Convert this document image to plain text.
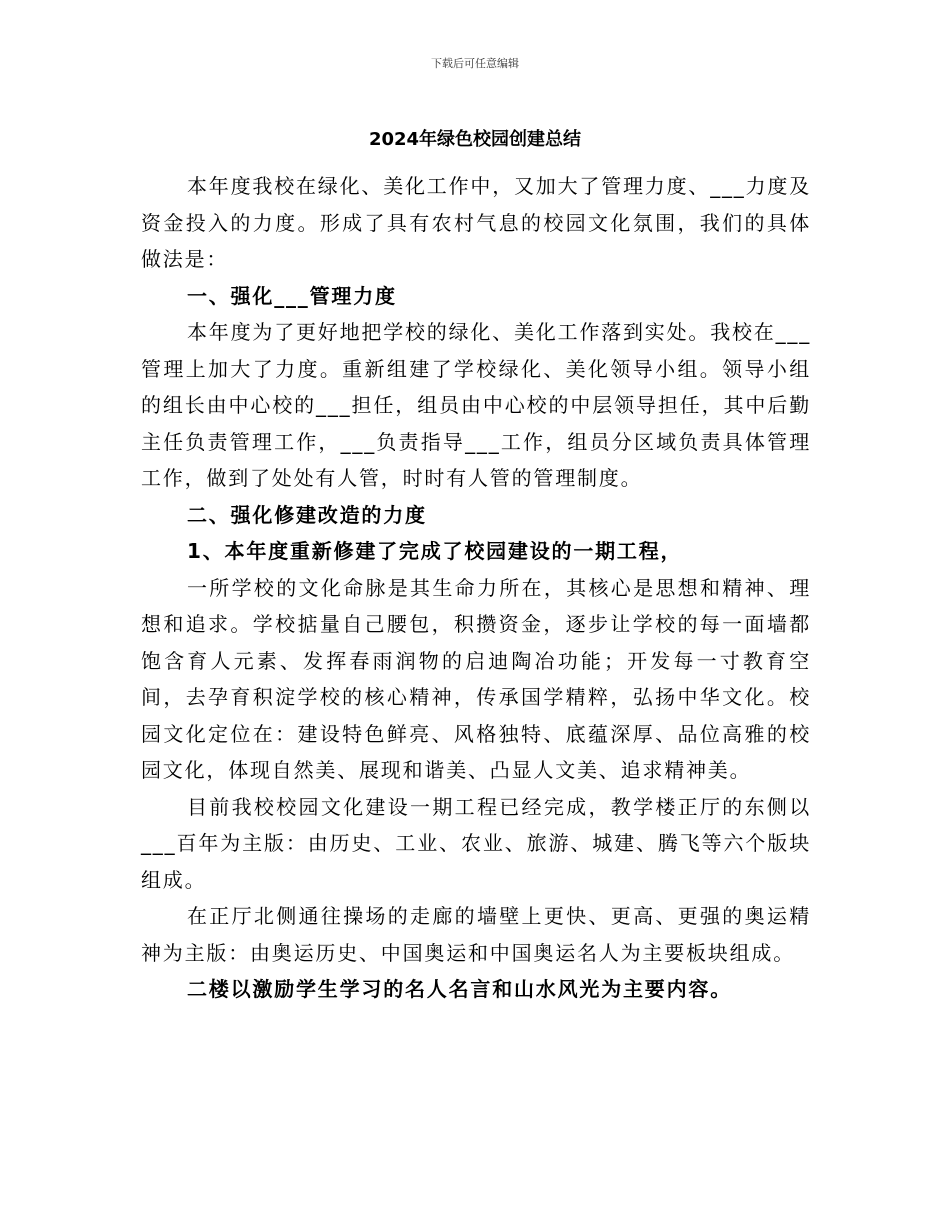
下载后可任意编辑
2024年绿色校园创建总结

本年度我校在绿化、美化工作中，又加大了管理力度、___力度及资金投入的力度。形成了具有农村气息的校园文化氛围，我们的具体做法是：

一、强化___管理力度

本年度为了更好地把学校的绿化、美化工作落到实处。我校在___管理上加大了力度。重新组建了学校绿化、美化领导小组。领导小组的组长由中心校的___担任，组员由中心校的中层领导担任，其中后勤主任负责管理工作，___负责指导___工作，组员分区域负责具体管理工作，做到了处处有人管，时时有人管的管理制度。

二、强化修建改造的力度

1、本年度重新修建了完成了校园建设的一期工程，

一所学校的文化命脉是其生命力所在，其核心是思想和精神、理想和追求。学校掂量自己腰包，积攒资金，逐步让学校的每一面墙都饱含育人元素、发挥春雨润物的启迪陶冶功能；开发每一寸教育空间，去孕育积淀学校的核心精神，传承国学精粹，弘扬中华文化。校园文化定位在：建设特色鲜亮、风格独特、底蕴深厚、品位高雅的校园文化，体现自然美、展现和谐美、凸显人文美、追求精神美。

目前我校校园文化建设一期工程已经完成，教学楼正厅的东侧以___百年为主版：由历史、工业、农业、旅游、城建、腾飞等六个版块组成。

在正厅北侧通往操场的走廊的墙壁上更快、更高、更强的奥运精神为主版：由奥运历史、中国奥运和中国奥运名人为主要板块组成。

二楼以激励学生学习的名人名言和山水风光为主要内容。
